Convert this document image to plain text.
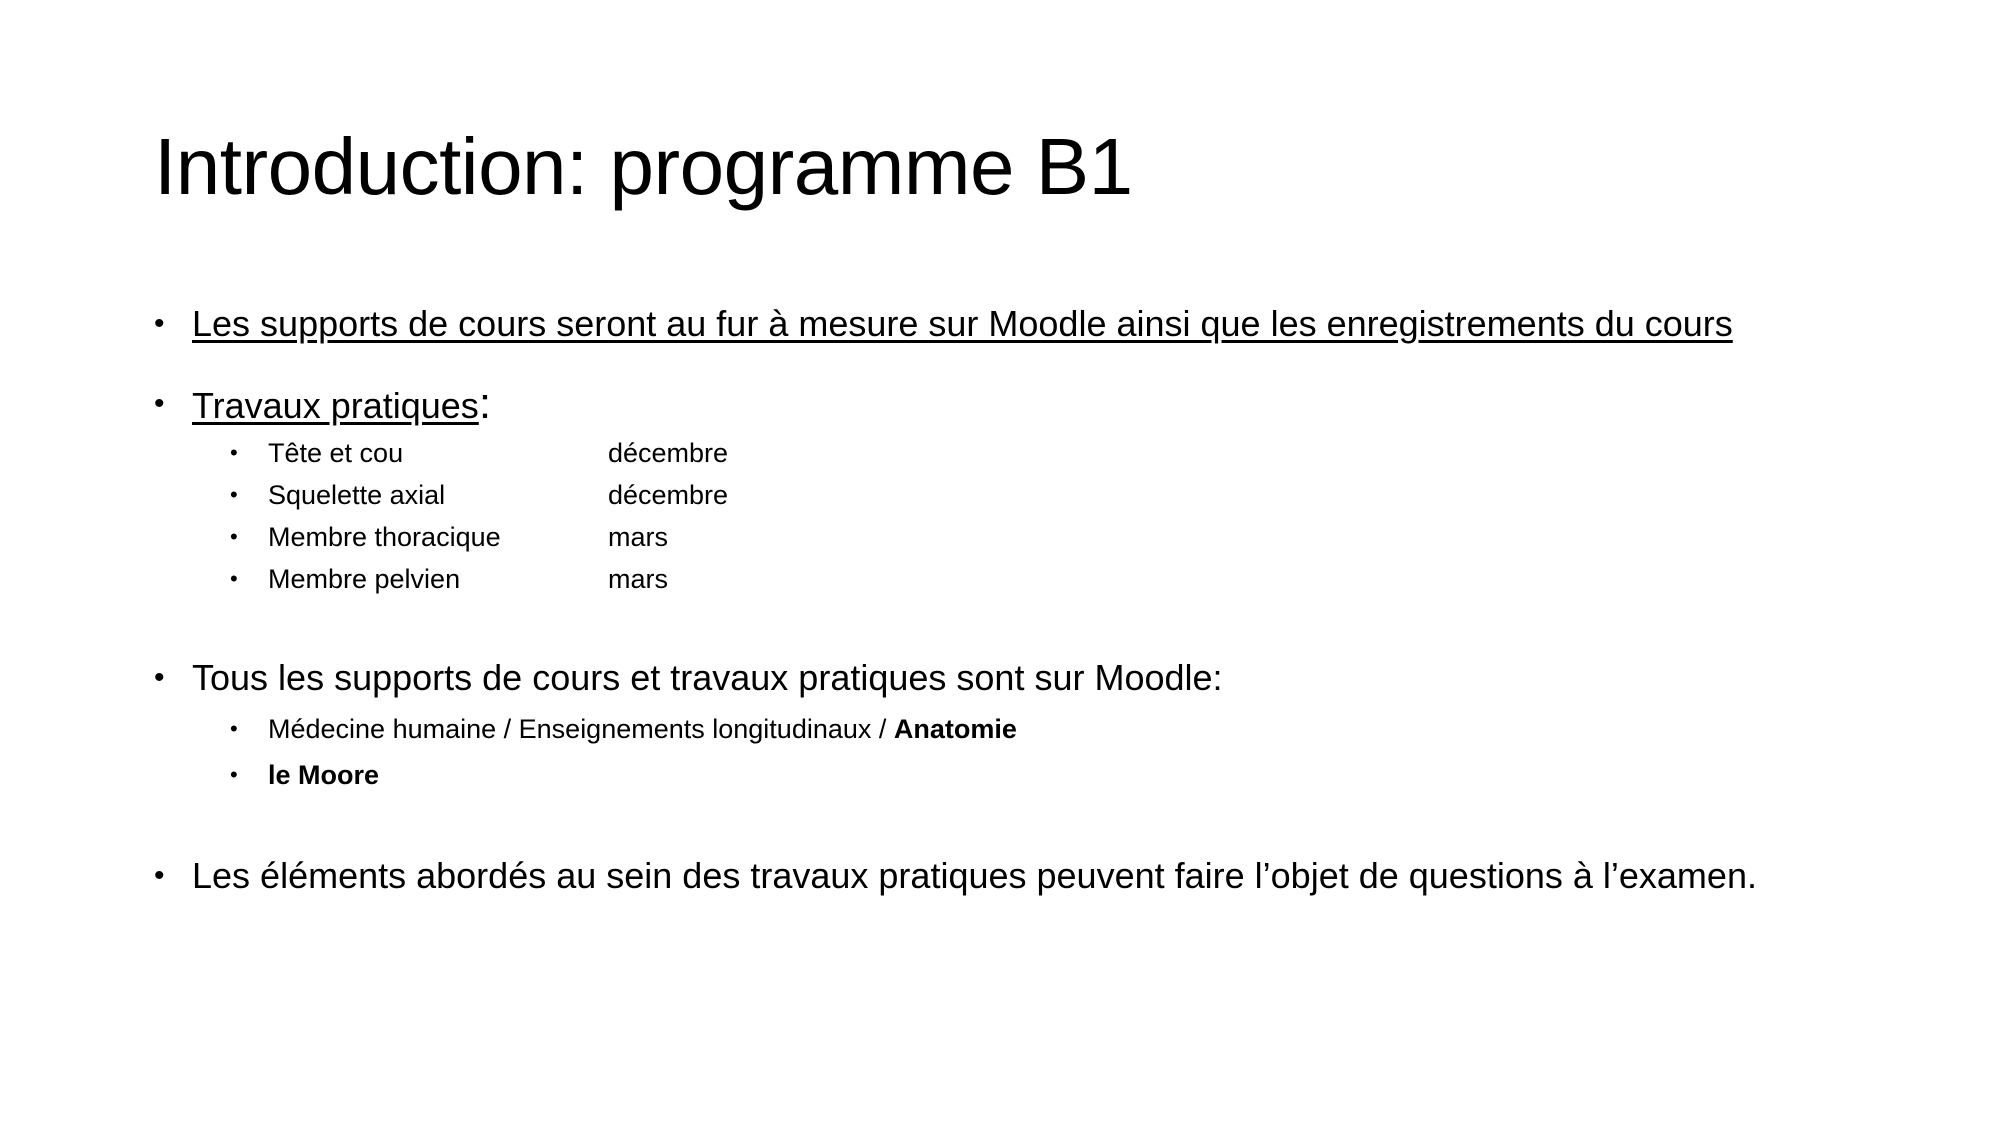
Introduction: programme B1
• Les supports de cours seront au fur à mesure sur Moodle ainsi que les enregistrements du cours
• Travaux pratiques:
• Tête et cou	décembre
• Squelette axial	décembre
• Membre thoracique	mars
• Membre pelvien	mars
• Tous les supports de cours et travaux pratiques sont sur Moodle:
• Médecine humaine / Enseignements longitudinaux / Anatomie
• le Moore
• Les éléments abordés au sein des travaux pratiques peuvent faire l’objet de questions à l’examen.
